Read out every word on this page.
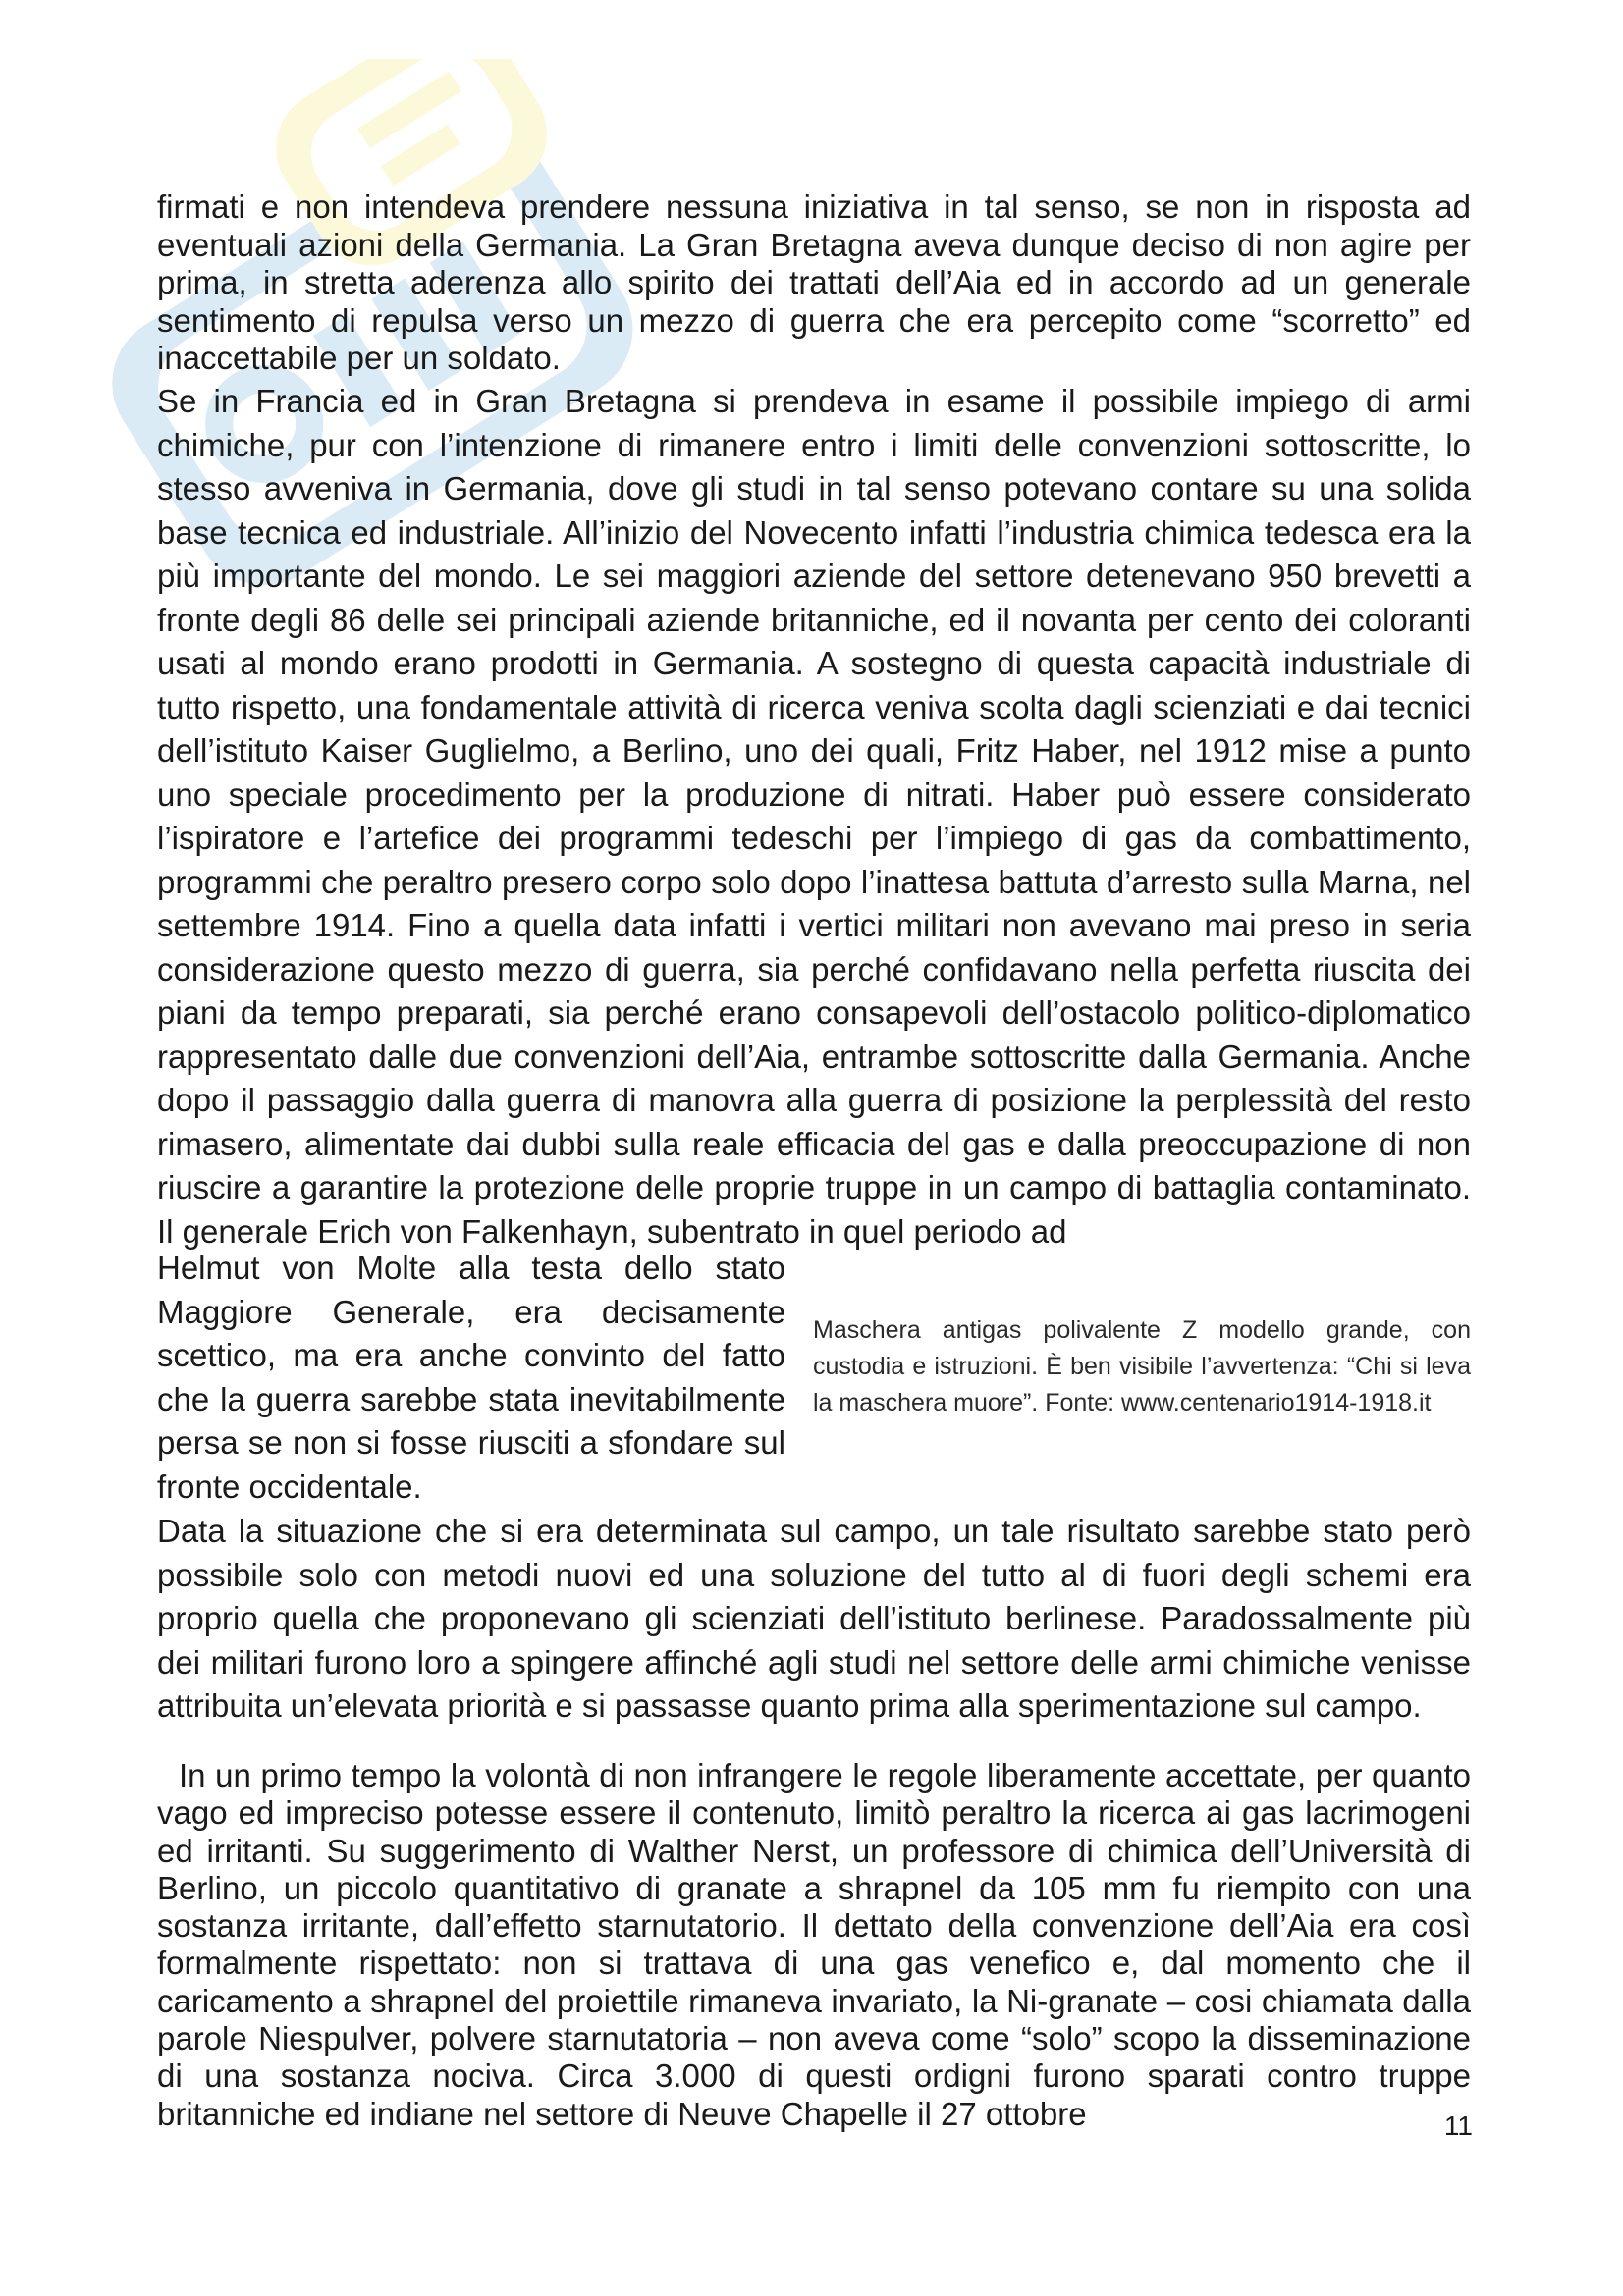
firmati e non intendeva prendere nessuna iniziativa in tal senso, se non in risposta ad eventuali azioni della Germania. La Gran Bretagna aveva dunque deciso di non agire per prima, in stretta aderenza allo spirito dei trattati dell’Aia ed in accordo ad un generale sentimento di repulsa verso un mezzo di guerra che era percepito come “scorretto” ed inaccettabile per un soldato.
Se in Francia ed in Gran Bretagna si prendeva in esame il possibile impiego di armi chimiche, pur con l’intenzione di rimanere entro i limiti delle convenzioni sottoscritte, lo stesso avveniva in Germania, dove gli studi in tal senso potevano contare su una solida base tecnica ed industriale. All’inizio del Novecento infatti l’industria chimica tedesca era la più importante del mondo. Le sei maggiori aziende del settore detenevano 950 brevetti a fronte degli 86 delle sei principali aziende britanniche, ed il novanta per cento dei coloranti usati al mondo erano prodotti in Germania. A sostegno di questa capacità industriale di tutto rispetto, una fondamentale attività di ricerca veniva scolta dagli scienziati e dai tecnici dell’istituto Kaiser Guglielmo, a Berlino, uno dei quali, Fritz Haber, nel 1912 mise a punto uno speciale procedimento per la produzione di nitrati. Haber può essere considerato l’ispiratore e l’artefice dei programmi tedeschi per l’impiego di gas da combattimento, programmi che peraltro presero corpo solo dopo l’inattesa battuta d’arresto sulla Marna, nel settembre 1914. Fino a quella data infatti i vertici militari non avevano mai preso in seria considerazione questo mezzo di guerra, sia perché confidavano nella perfetta riuscita dei piani da tempo preparati, sia perché erano consapevoli dell’ostacolo politico-diplomatico rappresentato dalle due convenzioni dell’Aia, entrambe sottoscritte dalla Germania. Anche dopo il passaggio dalla guerra di manovra alla guerra di posizione la perplessità del resto rimasero, alimentate dai dubbi sulla reale efficacia del gas e dalla preoccupazione di non riuscire a garantire la protezione delle proprie truppe in un campo di battaglia contaminato. Il generale Erich von Falkenhayn, subentrato in quel periodo ad
Helmut von Molte alla testa dello stato Maggiore Generale, era decisamente scettico, ma era anche convinto del fatto che la guerra sarebbe stata inevitabilmente persa se non si fosse riusciti a sfondare sul fronte occidentale.
Maschera antigas polivalente Z modello grande, con custodia e istruzioni. È ben visibile l’avvertenza: “Chi si leva la maschera muore”. Fonte: www.centenario1914-1918.it
Data la situazione che si era determinata sul campo, un tale risultato sarebbe stato però possibile solo con metodi nuovi ed una soluzione del tutto al di fuori degli schemi era proprio quella che proponevano gli scienziati dell’istituto berlinese. Paradossalmente più dei militari furono loro a spingere affinché agli studi nel settore delle armi chimiche venisse attribuita un’elevata priorità e si passasse quanto prima alla sperimentazione sul campo.
In un primo tempo la volontà di non infrangere le regole liberamente accettate, per quanto vago ed impreciso potesse essere il contenuto, limitò peraltro la ricerca ai gas lacrimogeni ed irritanti. Su suggerimento di Walther Nerst, un professore di chimica dell’Università di Berlino, un piccolo quantitativo di granate a shrapnel da 105 mm fu riempito con una sostanza irritante, dall’effetto starnutatorio. Il dettato della convenzione dell’Aia era così formalmente rispettato: non si trattava di una gas venefico e, dal momento che il caricamento a shrapnel del proiettile rimaneva invariato, la Ni-granate – cosi chiamata dalla parole Niespulver, polvere starnutatoria – non aveva come “solo” scopo la disseminazione di una sostanza nociva. Circa 3.000 di questi ordigni furono sparati contro truppe britanniche ed indiane nel settore di Neuve Chapelle il 27 ottobre	11
